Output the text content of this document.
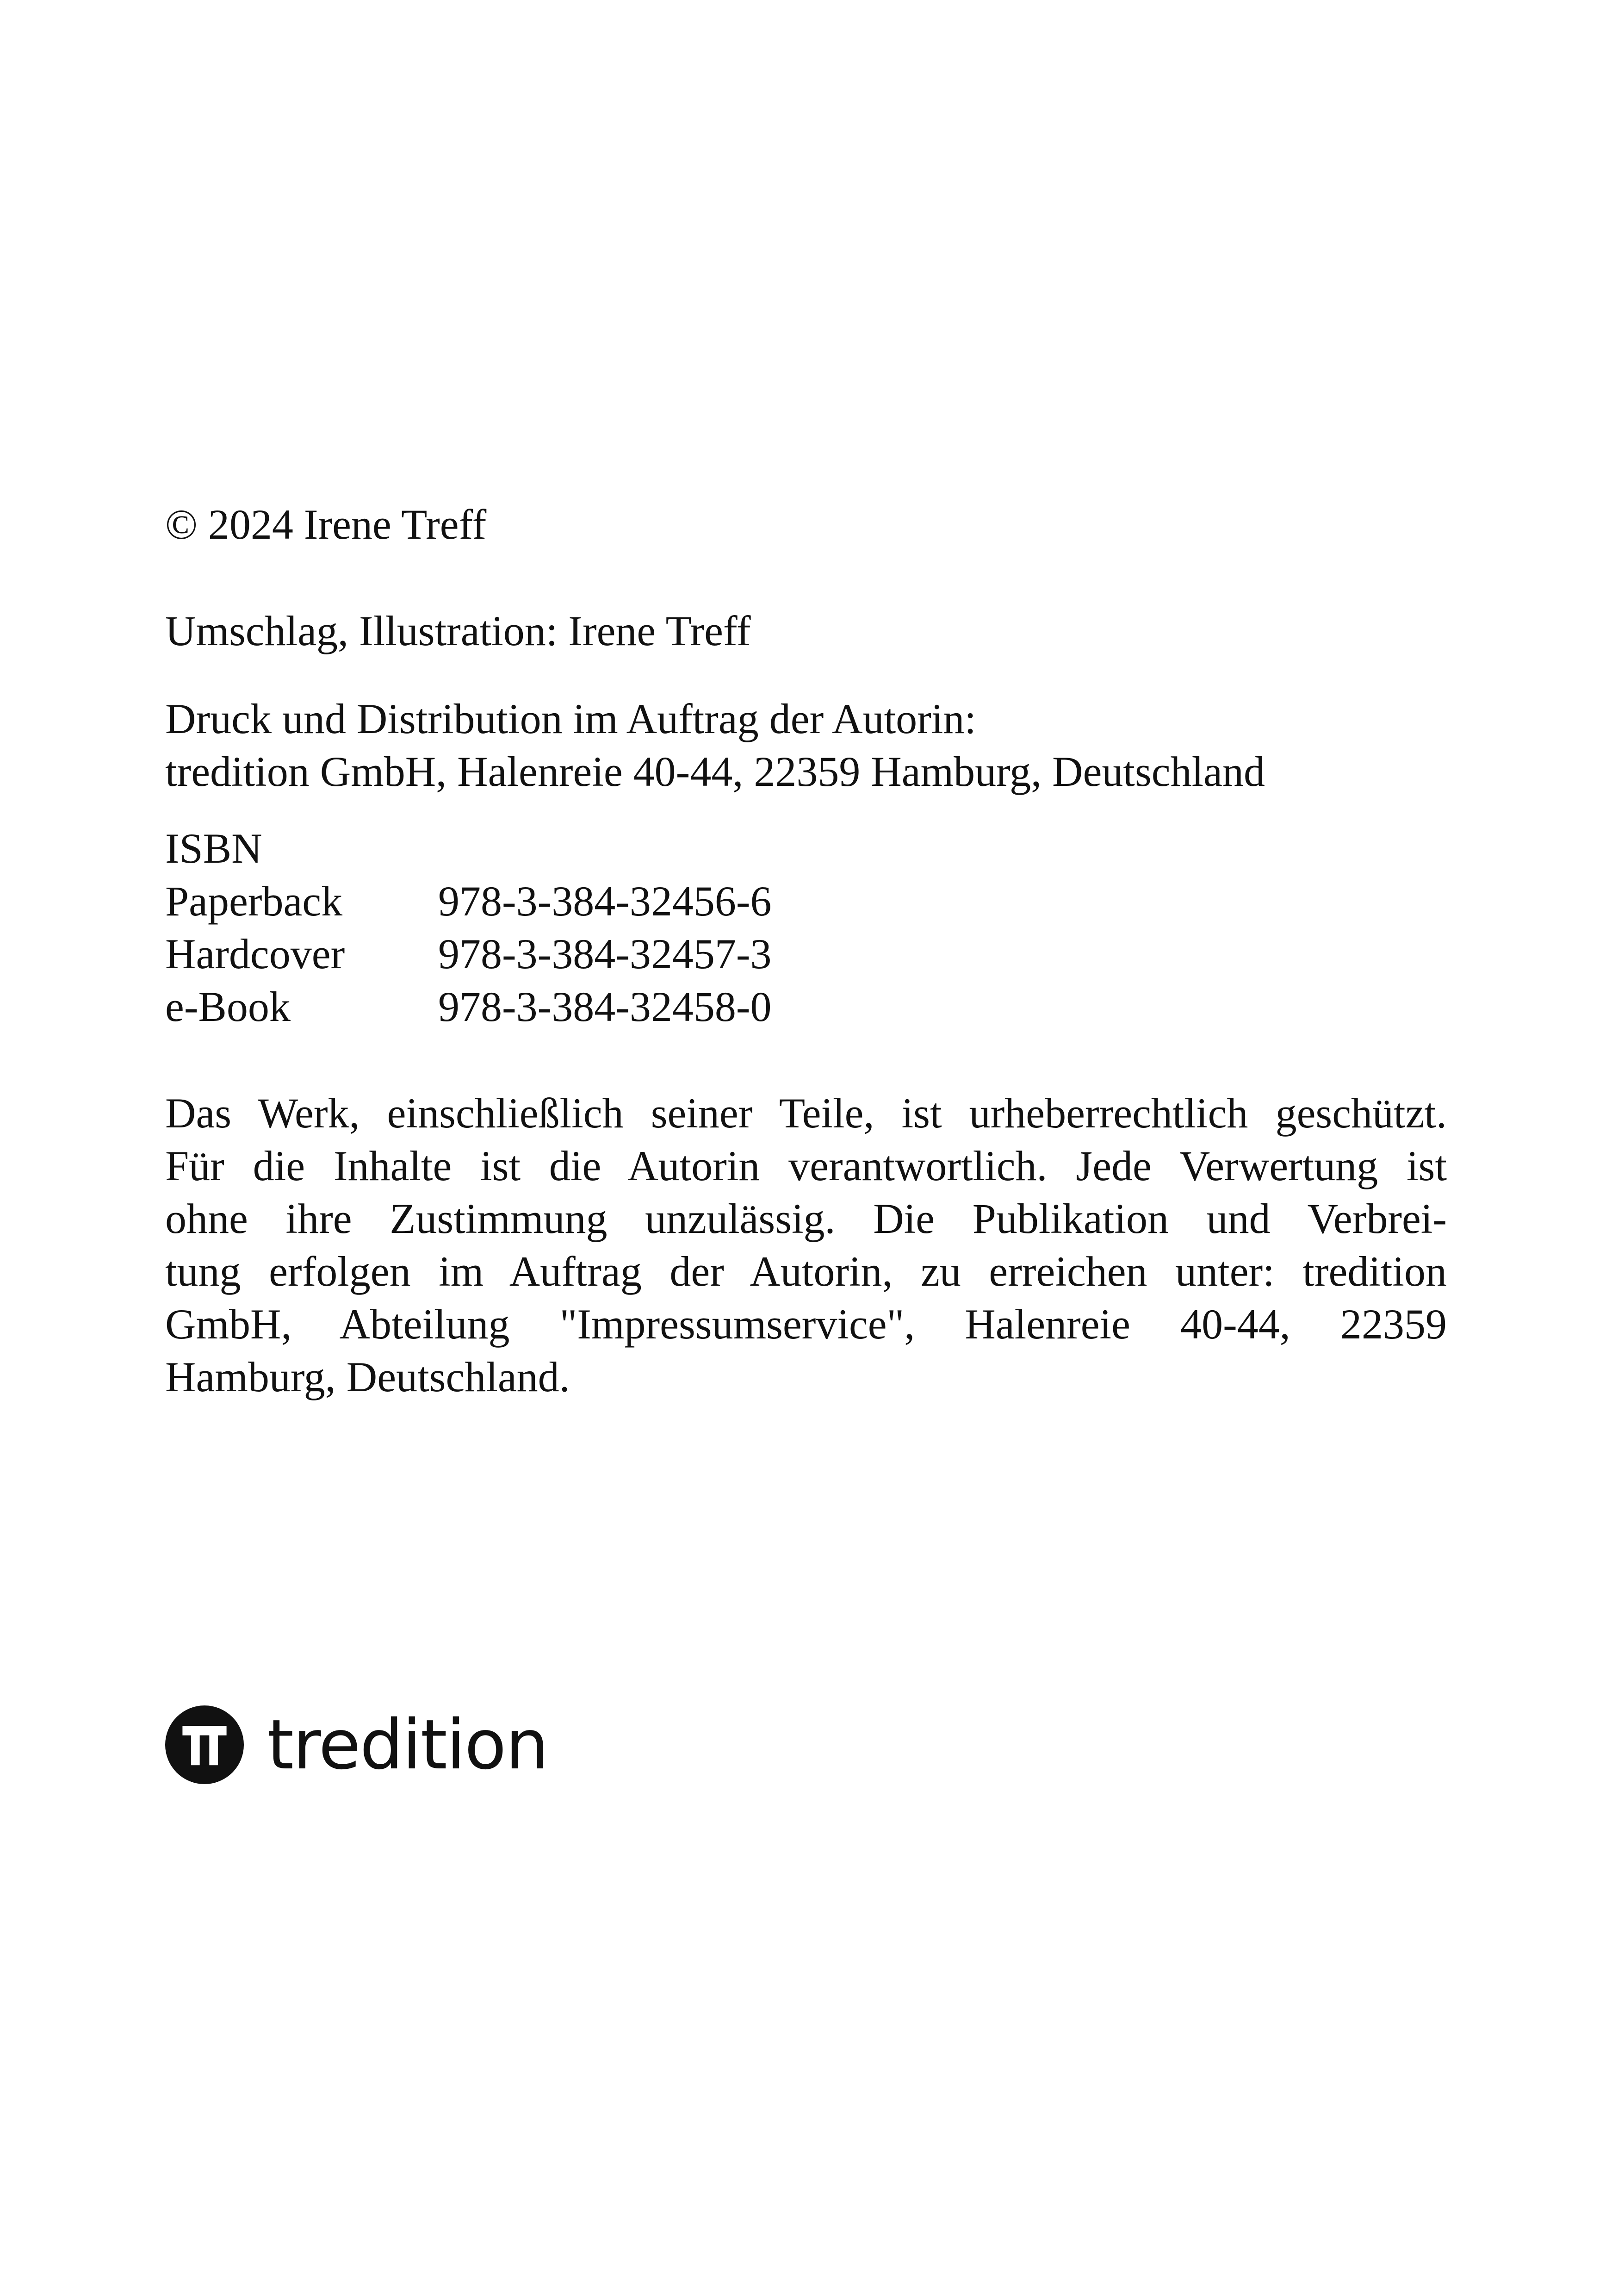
© 2024 Irene Treff

Umschlag, Illustration: Irene Treff

Druck und Distribution im Auftrag der Autorin:

tredition GmbH, Halenreie 40-44, 22359 Hamburg, Deutschland

ISBN

Paperback 978-3-384-32456-6
Hardcover 978-3-384-32457-3
e-Book	978-3-384-32458-0
Das Werk, einschließlich seiner Teile, ist urheberrechtlich geschützt.
Für die Inhalte ist die Autorin verantwortlich. Jede Verwertung ist
ohne ihre Zustimmung unzulässig. Die Publikation und Verbrei-
tung erfolgen im Auftrag der Autorin, zu erreichen unter: tredition
GmbH, Abteilung "Impressumservice", Halenreie 40-44, 22359
Hamburg, Deutschland.
tredition
